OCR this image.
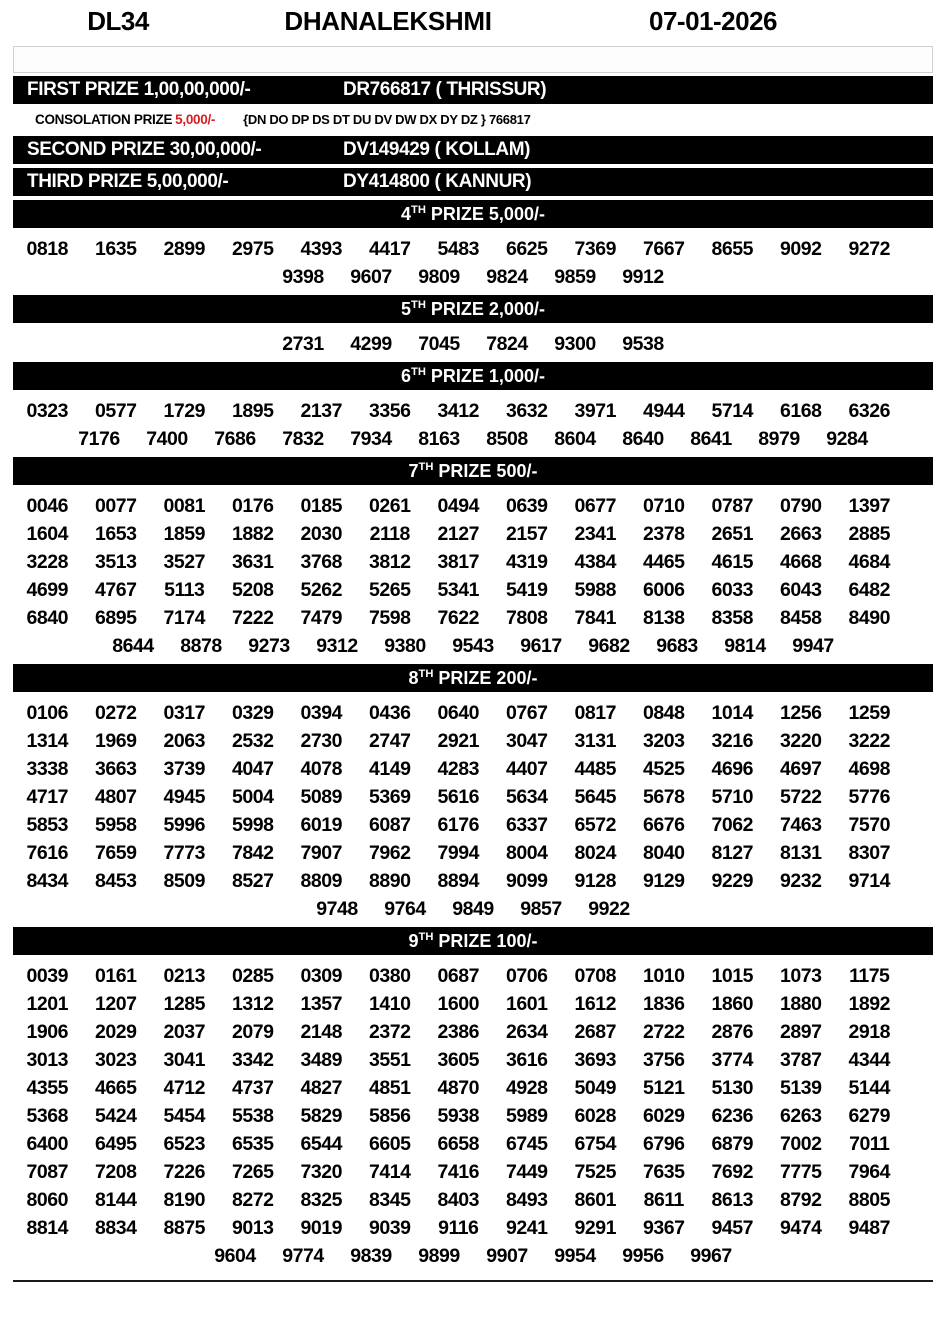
DL34	DHANALEKSHMI	07-01-2026
FIRST PRIZE 1,00,00,000/-	DR766817 ( THRISSUR)
CONSOLATION PRIZE 5,000/-	{DN DO DP DS DT DU DV DW DX DY DZ } 766817
SECOND PRIZE 30,00,000/-	DV149429 ( KOLLAM)
THIRD PRIZE 5,00,000/-	DY414800 ( KANNUR)
4TH PRIZE 5,000/-
0818	1635	2899	2975	4393	4417	5483	6625	7369	7667	8655	9092	9272
9398	9607	9809	9824	9859	9912
5TH PRIZE 2,000/-
2731	4299	7045	7824	9300	9538
6TH PRIZE 1,000/-
0323	0577	1729	1895	2137	3356	3412	3632	3971	4944	5714	6168	6326
7176	7400	7686	7832	7934	8163	8508	8604	8640	8641	8979	9284
7TH PRIZE 500/-
0046	0077	0081	0176	0185	0261	0494	0639	0677	0710	0787	0790	1397
1604	1653	1859	1882	2030	2118	2127	2157	2341	2378	2651	2663	2885
3228	3513	3527	3631	3768	3812	3817	4319	4384	4465	4615	4668	4684
4699	4767	5113	5208	5262	5265	5341	5419	5988	6006	6033	6043	6482
6840	6895	7174	7222	7479	7598	7622	7808	7841	8138	8358	8458	8490
8644	8878	9273	9312	9380	9543	9617	9682	9683	9814	9947
8TH PRIZE 200/-
0106	0272	0317	0329	0394	0436	0640	0767	0817	0848	1014	1256	1259
1314	1969	2063	2532	2730	2747	2921	3047	3131	3203	3216	3220	3222
3338	3663	3739	4047	4078	4149	4283	4407	4485	4525	4696	4697	4698
4717	4807	4945	5004	5089	5369	5616	5634	5645	5678	5710	5722	5776
5853	5958	5996	5998	6019	6087	6176	6337	6572	6676	7062	7463	7570
7616	7659	7773	7842	7907	7962	7994	8004	8024	8040	8127	8131	8307
8434	8453	8509	8527	8809	8890	8894	9099	9128	9129	9229	9232	9714
9748	9764	9849	9857	9922
9TH PRIZE 100/-
0039	0161	0213	0285	0309	0380	0687	0706	0708	1010	1015	1073	1175
1201	1207	1285	1312	1357	1410	1600	1601	1612	1836	1860	1880	1892
1906	2029	2037	2079	2148	2372	2386	2634	2687	2722	2876	2897	2918
3013	3023	3041	3342	3489	3551	3605	3616	3693	3756	3774	3787	4344
4355	4665	4712	4737	4827	4851	4870	4928	5049	5121	5130	5139	5144
5368	5424	5454	5538	5829	5856	5938	5989	6028	6029	6236	6263	6279
6400	6495	6523	6535	6544	6605	6658	6745	6754	6796	6879	7002	7011
7087	7208	7226	7265	7320	7414	7416	7449	7525	7635	7692	7775	7964
8060	8144	8190	8272	8325	8345	8403	8493	8601	8611	8613	8792	8805
8814	8834	8875	9013	9019	9039	9116	9241	9291	9367	9457	9474	9487
9604	9774	9839	9899	9907	9954	9956	9967
